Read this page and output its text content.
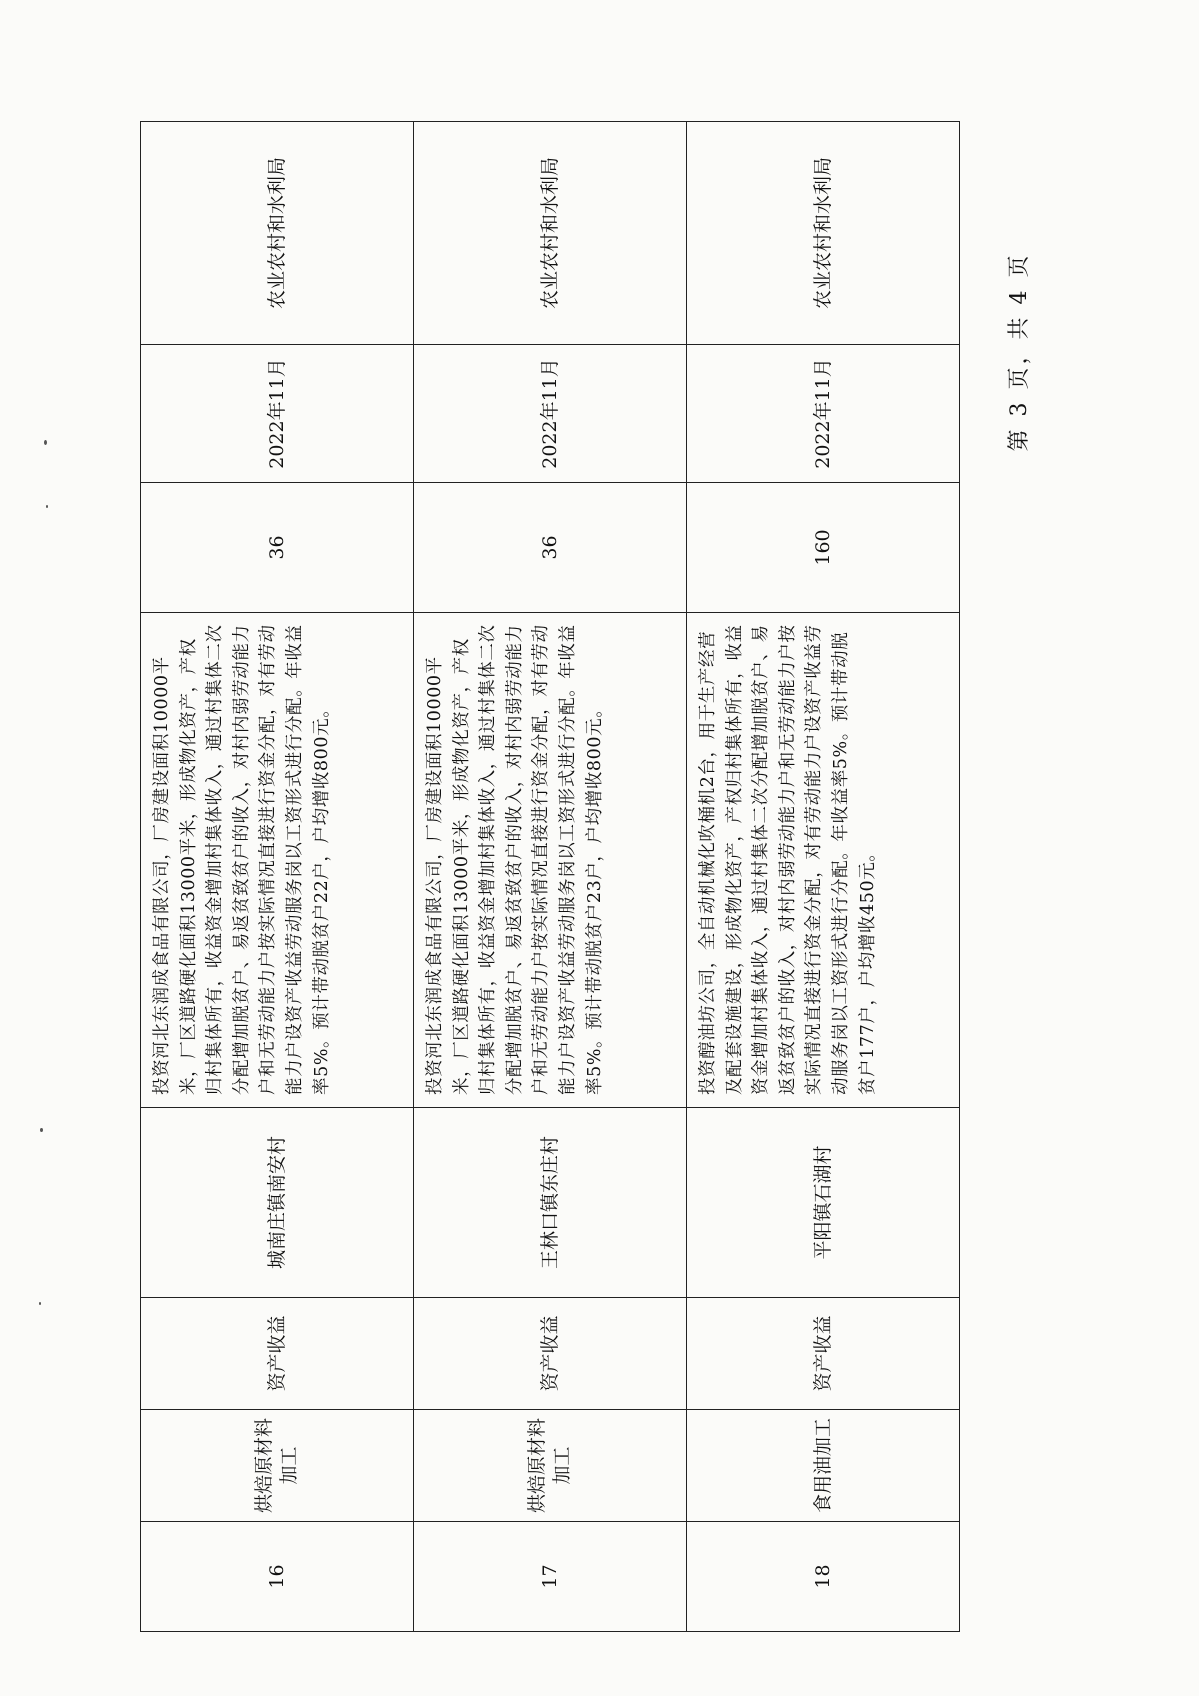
16	烘焙原材料加工	资产收益	城南庄镇南安村	投资河北东润成食品有限公司，厂房建设面积10000平米，厂区道路硬化面积13000平米，形成物化资产，产权归村集体所有，收益资金增加村集体收入，通过村集体二次分配增加脱贫户、易返贫致贫户的收入，对村内弱劳动能力户和无劳动能力户按实际情况直接进行资金分配，对有劳动能力户设资产收益劳动服务岗以工资形式进行分配。年收益率5%。预计带动脱贫户22户，户均增收800元。	36	2022年11月	农业农村和水利局
17	烘焙原材料加工	资产收益	王林口镇东庄村	投资河北东润成食品有限公司，厂房建设面积10000平米，厂区道路硬化面积13000平米，形成物化资产，产权归村集体所有，收益资金增加村集体收入，通过村集体二次分配增加脱贫户、易返贫致贫户的收入，对村内弱劳动能力户和无劳动能力户按实际情况直接进行资金分配，对有劳动能力户设资产收益劳动服务岗以工资形式进行分配。年收益率5%。预计带动脱贫户23户，户均增收800元。	36	2022年11月	农业农村和水利局
18	食用油加工	资产收益	平阳镇石湖村	投资醇油坊公司，全自动机械化吹桶机2台，用于生产经营及配套设施建设，形成物化资产，产权归村集体所有，收益资金增加村集体收入，通过村集体二次分配增加脱贫户、易返贫致贫户的收入，对村内弱劳动能力户和无劳动能力户按实际情况直接进行资金分配，对有劳动能力户设资产收益劳动服务岗以工资形式进行分配。年收益率5%。预计带动脱贫户177户，户均增收450元。	160	2022年11月	农业农村和水利局
第 3 页，共 4 页
